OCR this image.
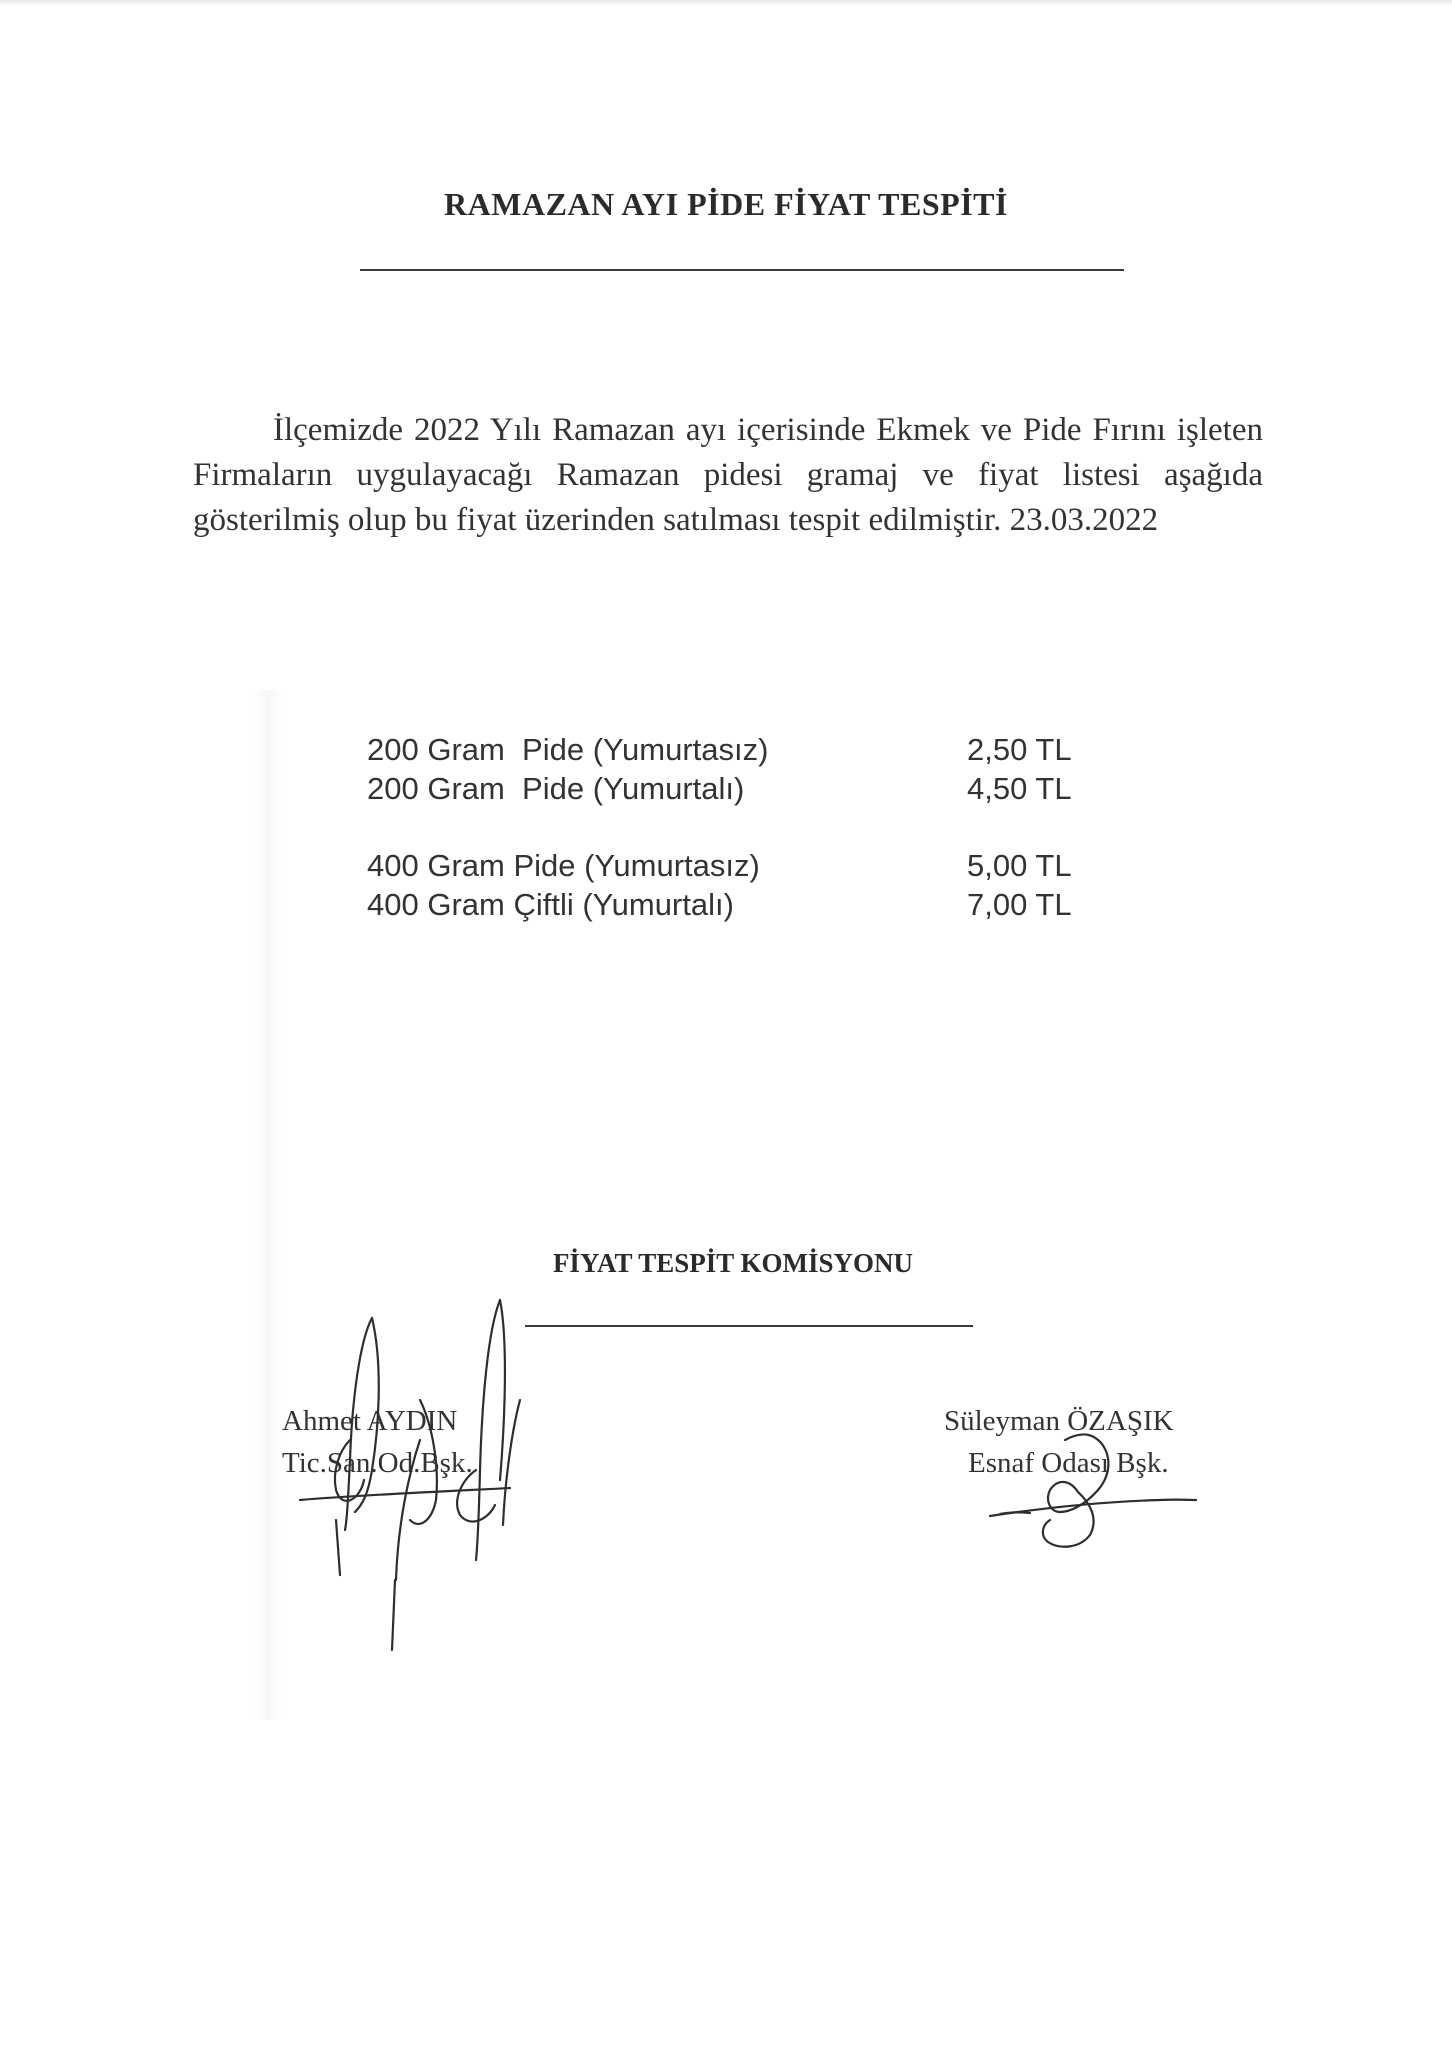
RAMAZAN AYI PİDE FİYAT TESPİTİ
İlçemizde 2022 Yılı Ramazan ayı içerisinde Ekmek ve Pide Fırını işleten Firmaların uygulayacağı Ramazan pidesi gramaj ve fiyat listesi aşağıda gösterilmiş olup bu fiyat üzerinden satılması tespit edilmiştir. 23.03.2022
200 Gram  Pide (Yumurtasız)	2,50 TL
200 Gram  Pide (Yumurtalı)	4,50 TL
400 Gram Pide (Yumurtasız)	5,00 TL
400 Gram Çiftli (Yumurtalı)	7,00 TL
FİYAT TESPİT KOMİSYONU
Ahmet AYDIN
Tic.San.Od.Bşk.
Süleyman ÖZAŞIK
Esnaf Odası Bşk.
